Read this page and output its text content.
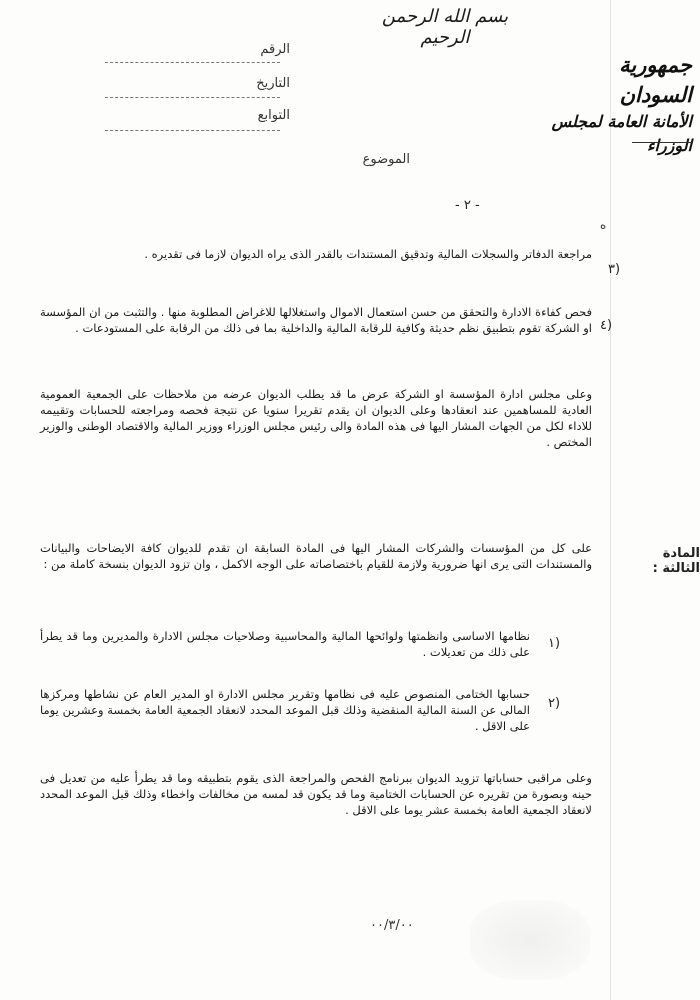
بسم الله الرحمن الرحيم
جمهورية السودان
الأمانة العامة لمجلس الوزراء
الرقم
التاريخ
التوابع
الموضوع
- ٢ -
ه
٣)
مراجعة الدفاتر والسجلات المالية وتدقيق المستندات بالقدر الذى يراه الديوان لازما فى تقديره .
٤)
فحص كفاءة الادارة والتحقق من حسن استعمال الاموال واستغلالها للاغراض المطلوبة منها . والتثبت من ان المؤسسة او الشركة تقوم بتطبيق نظم حديثة وكافية للرقابة المالية والداخلية بما فى ذلك من الرقابة على المستودعات .
وعلى مجلس ادارة المؤسسة او الشركة عرض ما قد يطلب الديوان عرضه من ملاحظات على الجمعية العمومية العادية للمساهمين عند انعقادها وعلى الديوان ان يقدم تقريرا سنويا عن نتيجة فحصه ومراجعته للحسابات وتقييمه للاداء لكل من الجهات المشار اليها فى هذه المادة والى رئيس مجلس الوزراء ووزير المالية والاقتصاد الوطنى والوزير المختص .
المادة الثالثة :
على كل من المؤسسات والشركات المشار اليها فى المادة السابقة ان تقدم للديوان كافة الايضاحات والبيانات والمستندات التى يرى انها ضرورية ولازمة للقيام باختصاصاته على الوجه الاكمل ، وان تزود الديوان بنسخة كاملة من :
١)
نظامها الاساسى وانظمتها ولوائحها المالية والمحاسبية وصلاحيات مجلس الادارة والمديرين وما قد يطرأ على ذلك من تعديلات .
٢)
حسابها الختامى المنصوص عليه فى نظامها وتقرير مجلس الادارة او المدير العام عن نشاطها ومركزها المالى عن السنة المالية المنقضية وذلك قبل الموعد المحدد لانعقاد الجمعية العامة بخمسة وعشرين يوما على الاقل .
وعلى مراقبى حساباتها تزويد الديوان ببرنامج الفحص والمراجعة الذى يقوم بتطبيقه وما قد يطرأ عليه من تعديل فى حينه وبصورة من تقريره عن الحسابات الختامية وما قد يكون قد لمسه من مخالفات واخطاء وذلك قبل الموعد المحدد لانعقاد الجمعية العامة بخمسة عشر يوما على الاقل .
٠٠/٣/٠٠
